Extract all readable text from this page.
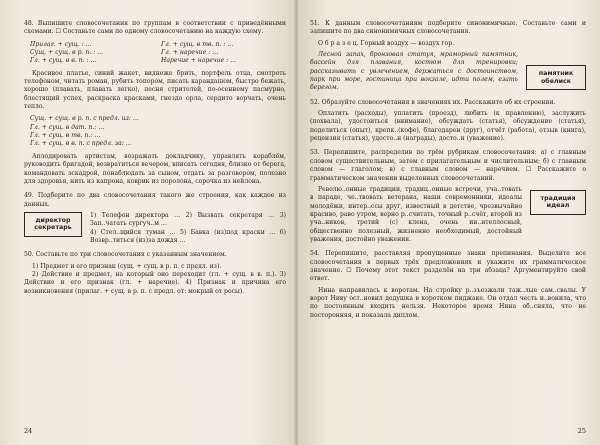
48. Выпишите словосочетания по группам в соответствии с приведёнными схемами. ☐ Составьте сами по одному словосочетанию на каждую схему.

Прилаг. + сущ. : …	Гл. + сущ. в тв. п. : …
Сущ. + сущ. в р. п. : …	Гл. + наречие : …
Гл. + сущ. в в. п. : …	Наречие + наречие : …

Красивое платье, синий жакет, виднеже брить, портфель отца, смотреть телефоном, читать роман, рубить топором, писать карандашом, быстро бежать, хорошо (плавать, плавать легко), песня стрителей, по-осеннему пасмурно, блестящий успех, раскраска красками, гнездо орла, сердито ворчать, очень тепло.

Сущ. + сущ. в р. п. с предл. из: …
Гл. + сущ. в дат. п.: …
Гл. + сущ. в тв. п.: …
Гл. + сущ. в в. п. с предл. за: …

Аплодировать артистам, возражать докладчику, управлять кораблём, руководить бригадой, возвратиться вечером, вписать сегодня, близко от берега, командовать эскадрой, понаблюдать за сыном, отдать за разговором, полезно для здоровья, нить из капрона, коврик из поролона, сорочка из нейлона.

49. Подберите по два словосочетания такого же строения, как каждое из данных.

директор секретарь

1) Телефон директора … 2) Вызвать секретаря … 3) Зап..чатать сургуч..м …

4) Стел..щийся туман … 5) Бавка (из)под краски … 6) Возвр..титься (из)за дождя …

50. Составьте по три словосочетания с указанным значением.

1) Предмет и его признак (сущ. + сущ. в р. п. с предл. из).

2) Действие и предмет, на который оно переходит (гл. + сущ. в в. п.). 3) Действие и его признак (гл. + наречие). 4) Признак и причина его возникновения (прилаг. + сущ. в р. п. с предл. от: мокрый от росы).

24

51. К данным словосочетаниям подберите синонимичные. Составьте сами и запишите по два синонимичных словосочетания.

О б р а з е ц. Горный воздух — воздух гор.

Лесной запах, бронзовая статуя, мраморный памятник, бассейн для плавания, костюм для тренировки; рассказывать с увлечением, держаться с достоинством, парк при море, гостиница при вокзале, идти полем, езать берегом.

памятник обелиск

52. Образуйте словосочетания в значениях их. Расскажите об их строении.

Оплатить (расходы), уплатить (проезд), любить (к правлению), заслужить (похвала), удостоиться (внимание), обсуждать (статья), обсуждение (статья), поделиться (опыт), крепк..(кофе), благодарен (друг), отчёт (работа), отзыв (книга), рецензия (статья), удосто..н (награды), досто..н (уважение).

53. Перепишите, распределив по трём рубрикам словосочетания: а) с главным словом существительным, затем с прилагательным и числительным; б) с главным словом — глаголом; в) с главным словом — наречием. ☐ Расскажите о грамматическом значении выделенных словосочетаний.

Револю..онные традиции, традиц..онные встречи, уча..товать в параде, че..твовать ветерана, наши современники, идеалы молодёжи, интер..ссы друг, известный в детстве, чрезвычайно красиво, раво утром, верно р..считать, точный р..счёт, второй из уча..ников, третий (с) клена, очень ин..нтеллосный, общественно полезный, жизненно необходимый, достойный уважения, достойно уважения.

традиция идеал

54. Перепишите, расставляя пропущенные знаки препинания. Выделите все словосочетания в первых трёх предложениях и укажите их грамматическое значение. ☐ Почему этот текст разделён на три абзаца? Аргументируйте свой ответ.

Нина направилась к воротам. На стройку р..зъезжали таж..лые сам..свалы. У ворот Ниву ост..новил дедушка в коротком пиджаке. Он отдал честь и..вонила, что по постоянным входить нельзя. Некоторое время Нина об..сняла, что не посторонняя, и показала диплом.

25
